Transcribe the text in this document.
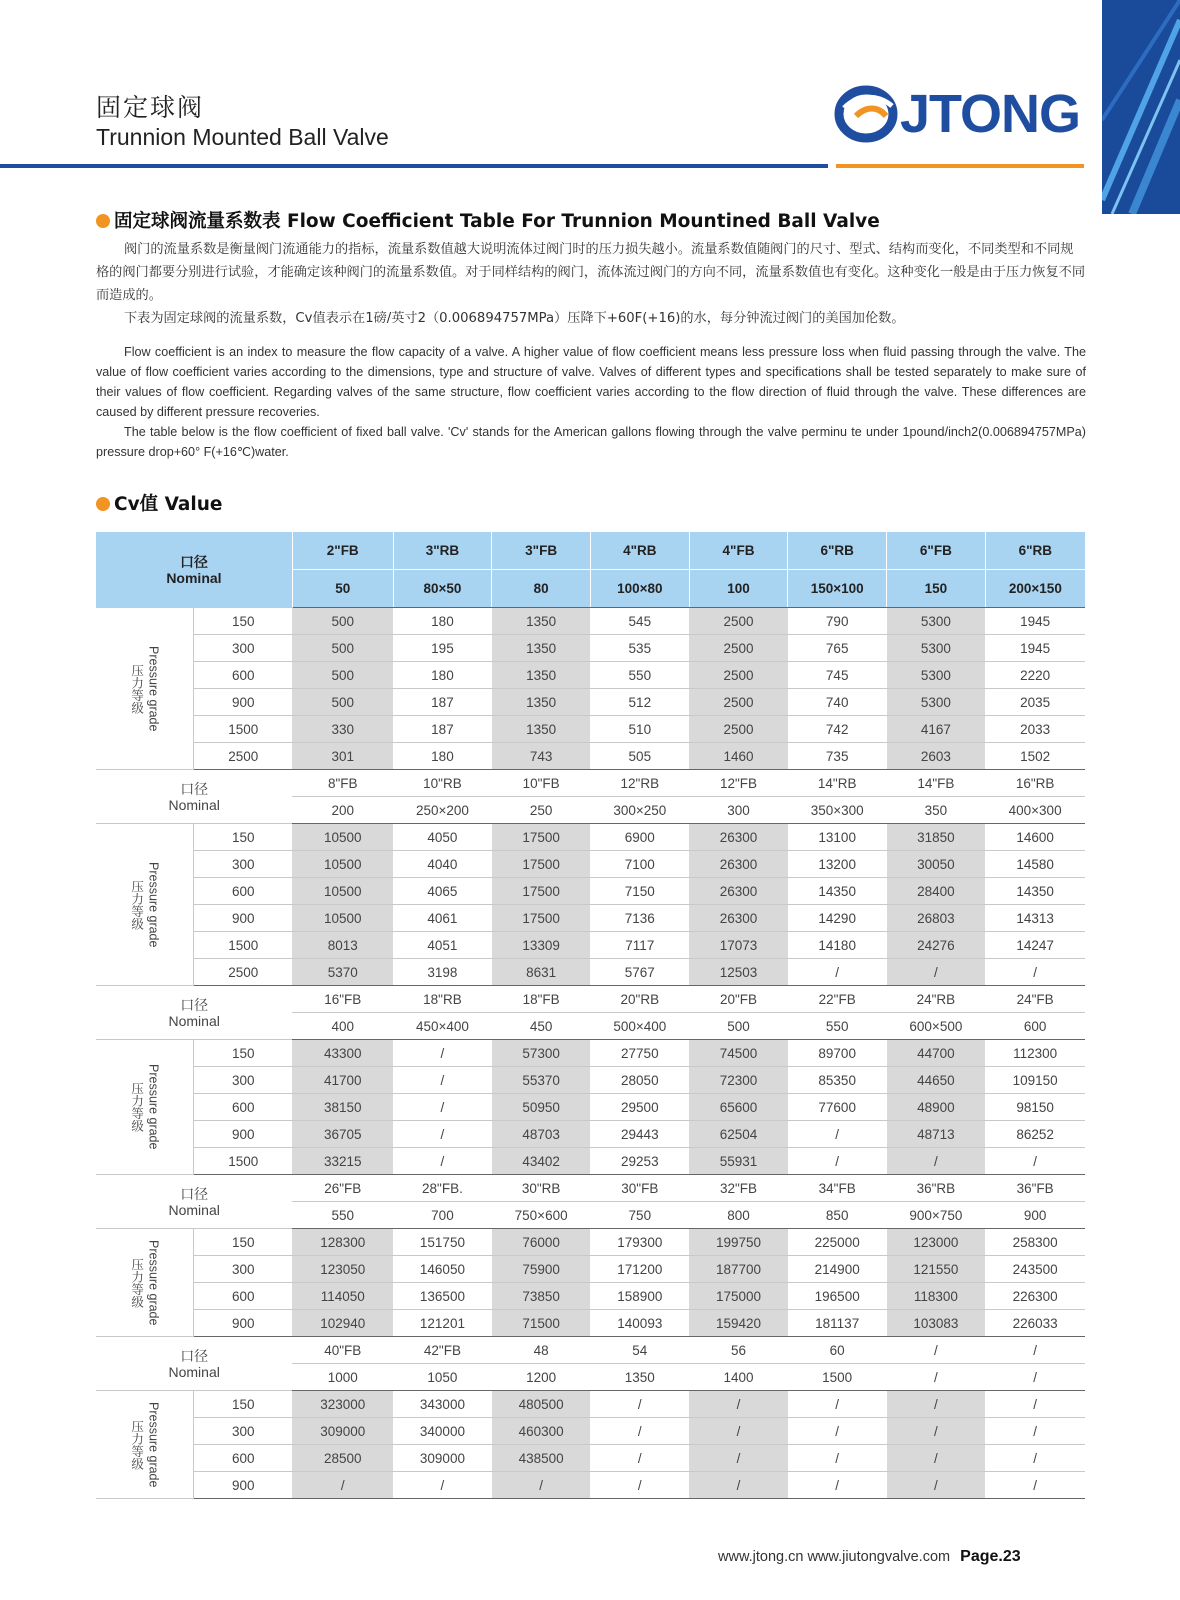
固定球阀
Trunnion Mounted Ball Valve	JTONG
固定球阀流量系数表 Flow Coefficient Table For Trunnion Mountined Ball Valve
阀门的流量系数是衡量阀门流通能力的指标，流量系数值越大说明流体过阀门时的压力损失越小。流量系数值随阀门的尺寸、型式、结构而变化，不同类型和不同规格的阀门都要分别进行试验，才能确定该种阀门的流量系数值。对于同样结构的阀门，流体流过阀门的方向不同，流量系数值也有变化。这种变化一般是由于压力恢复不同而造成的。
下表为固定球阀的流量系数，Cv值表示在1磅/英寸2（0.006894757MPa）压降下+60F(+16)的水，每分钟流过阀门的美国加伦数。
Flow coefficient is an index to measure the flow capacity of a valve. A higher value of flow coefficient means less pressure loss when fluid passing through the valve. The value of flow coefficient varies according to the dimensions, type and structure of valve. Valves of different types and specifications shall be tested separately to make sure of their values of flow coefficient. Regarding valves of the same structure, flow coefficient varies according to the flow direction of fluid through the valve. These differences are caused by different pressure recoveries.
The table below is the flow coefficient of fixed ball valve. 'Cv' stands for the American gallons flowing through the valve perminu te under 1pound/inch2(0.006894757MPa) pressure drop+60° F(+16℃)water.
Cv值 Value
口径
Nominal		2"FB	3"RB	3"FB	4"RB	4"FB	6"RB	6"FB	6"RB
		50	80×50	80	100×80	100	150×100	150	200×150

压力等级 Pressure grade	150	500	180	1350	545	2500	790	5300	1945
	300	500	195	1350	535	2500	765	5300	1945
	600	500	180	1350	550	2500	745	5300	2220
	900	500	187	1350	512	2500	740	5300	2035
	1500	330	187	1350	510	2500	742	4167	2033
	2500	301	180	743	505	1460	735	2603	1502

口径
Nominal		8"FB	10"RB	10"FB	12"RB	12"FB	14"RB	14"FB	16"RB
		200	250×200	250	300×250	300	350×300	350	400×300

压力等级 Pressure grade	150	10500	4050	17500	6900	26300	13100	31850	14600
	300	10500	4040	17500	7100	26300	13200	30050	14580
	600	10500	4065	17500	7150	26300	14350	28400	14350
	900	10500	4061	17500	7136	26300	14290	26803	14313
	1500	8013	4051	13309	7117	17073	14180	24276	14247
	2500	5370	3198	8631	5767	12503	/	/	/

口径
Nominal		16"FB	18"RB	18"FB	20"RB	20"FB	22"FB	24"RB	24"FB
		400	450×400	450	500×400	500	550	600×500	600

压力等级 Pressure grade	150	43300	/	57300	27750	74500	89700	44700	112300
	300	41700	/	55370	28050	72300	85350	44650	109150
	600	38150	/	50950	29500	65600	77600	48900	98150
	900	36705	/	48703	29443	62504	/	48713	86252
	1500	33215	/	43402	29253	55931	/	/	/

口径
Nominal		26"FB	28"FB.	30"RB	30"FB	32"FB	34"FB	36"RB	36"FB
		550	700	750×600	750	800	850	900×750	900

压力等级 Pressure grade	150	128300	151750	76000	179300	199750	225000	123000	258300
	300	123050	146050	75900	171200	187700	214900	121550	243500
	600	114050	136500	73850	158900	175000	196500	118300	226300
	900	102940	121201	71500	140093	159420	181137	103083	226033

口径
Nominal		40"FB	42"FB	48	54	56	60	/	/
		1000	1050	1200	1350	1400	1500	/	/

压力等级 Pressure grade	150	323000	343000	480500	/	/	/	/	/
	300	309000	340000	460300	/	/	/	/	/
	600	28500	309000	438500	/	/	/	/	/
	900	/	/	/	/	/	/	/	/
www.jtong.cn www.jiutongvalve.com Page.23
